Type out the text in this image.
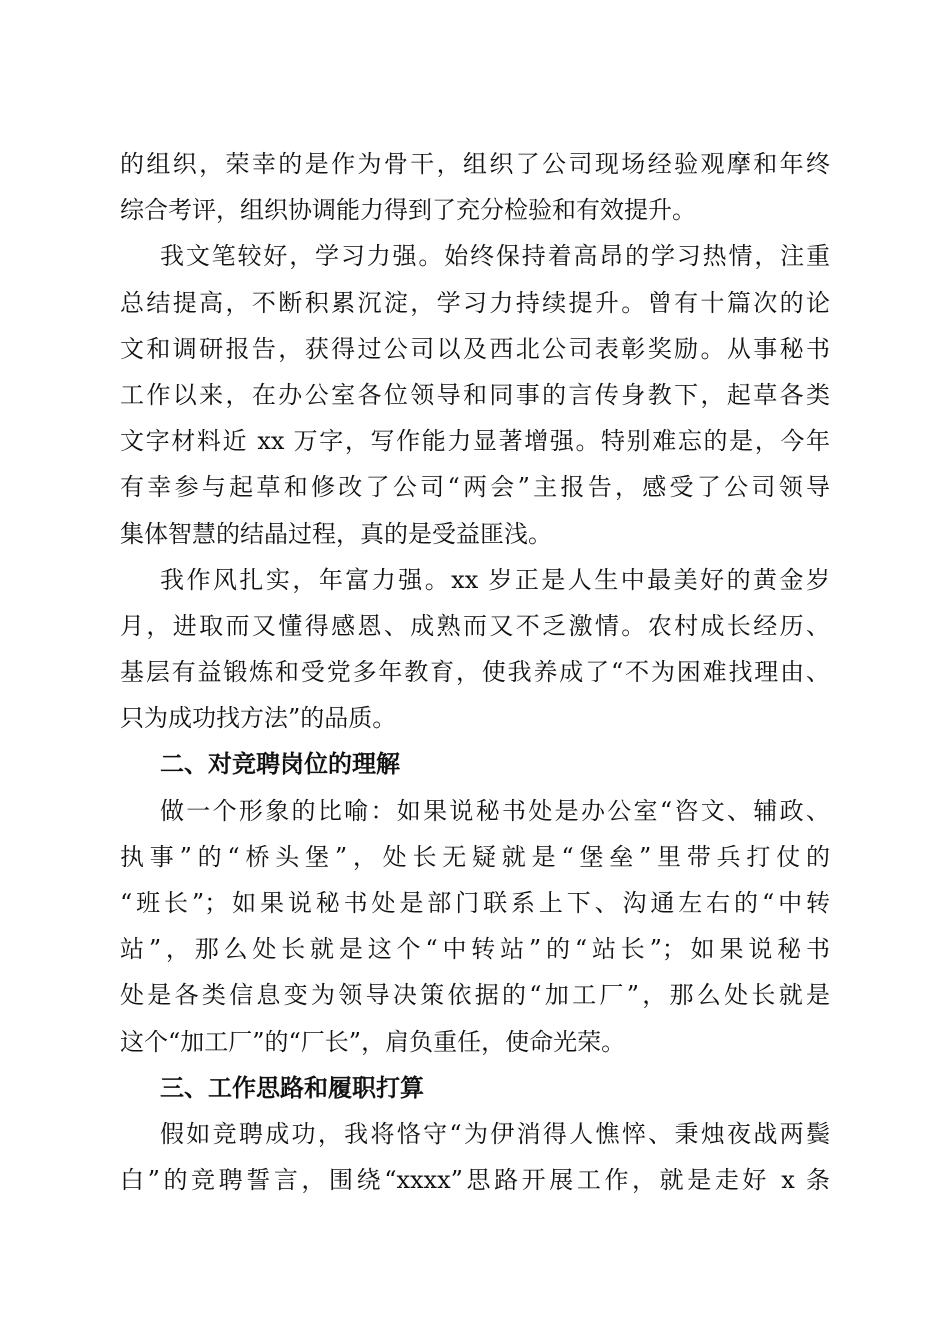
的组织，荣幸的是作为骨干，组织了公司现场经验观摩和年终
综合考评，组织协调能力得到了充分检验和有效提升。
我文笔较好，学习力强。始终保持着高昂的学习热情，注重
总结提高，不断积累沉淀，学习力持续提升。曾有十篇次的论
文和调研报告，获得过公司以及西北公司表彰奖励。从事秘书
工作以来，在办公室各位领导和同事的言传身教下，起草各类
文字材料近 xx 万字，写作能力显著增强。特别难忘的是，今年
有幸参与起草和修改了公司“两会”主报告，感受了公司领导
集体智慧的结晶过程，真的是受益匪浅。
我作风扎实，年富力强。xx 岁正是人生中最美好的黄金岁
月，进取而又懂得感恩、成熟而又不乏激情。农村成长经历、
基层有益锻炼和受党多年教育，使我养成了“不为困难找理由、
只为成功找方法”的品质。
二、对竞聘岗位的理解
做一个形象的比喻：如果说秘书处是办公室“咨文、辅政、
执事”的“桥头堡”，处长无疑就是“堡垒”里带兵打仗的
“班长”；如果说秘书处是部门联系上下、沟通左右的“中转
站”，那么处长就是这个“中转站”的“站长”；如果说秘书
处是各类信息变为领导决策依据的“加工厂”，那么处长就是
这个“加工厂”的“厂长”，肩负重任，使命光荣。
三、工作思路和履职打算
假如竞聘成功，我将恪守“为伊消得人憔悴、秉烛夜战两鬓
白”的竞聘誓言，围绕“xxxx”思路开展工作，就是走好 x 条
